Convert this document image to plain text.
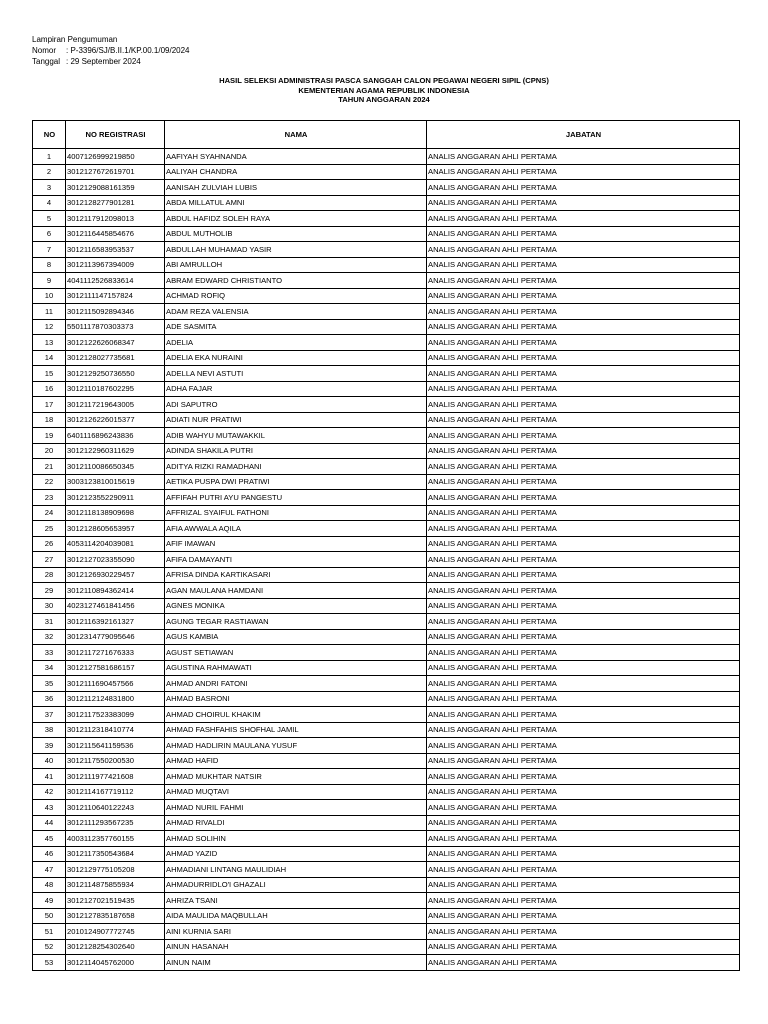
Lampiran Pengumuman
Nomor : P-3396/SJ/B.II.1/KP.00.1/09/2024
Tanggal : 29 September 2024
HASIL SELEKSI ADMINISTRASI PASCA SANGGAH CALON PEGAWAI NEGERI SIPIL (CPNS)
KEMENTERIAN AGAMA REPUBLIK INDONESIA
TAHUN ANGGARAN 2024
NO	NO REGISTRASI	NAMA	JABATAN
1	4007126999219850	AAFIYAH SYAHNANDA	ANALIS ANGGARAN AHLI PERTAMA
2	3012127672619701	AALIYAH CHANDRA	ANALIS ANGGARAN AHLI PERTAMA
3	3012129088161359	AANISAH ZULVIAH LUBIS	ANALIS ANGGARAN AHLI PERTAMA
4	3012128277901281	ABDA MILLATUL AMNI	ANALIS ANGGARAN AHLI PERTAMA
5	3012117912098013	ABDUL HAFIDZ SOLEH RAYA	ANALIS ANGGARAN AHLI PERTAMA
6	3012116445854676	ABDUL MUTHOLIB	ANALIS ANGGARAN AHLI PERTAMA
7	3012116583953537	ABDULLAH MUHAMAD YASIR	ANALIS ANGGARAN AHLI PERTAMA
8	3012113967394009	ABI AMRULLOH	ANALIS ANGGARAN AHLI PERTAMA
9	4041112526833614	ABRAM EDWARD CHRISTIANTO	ANALIS ANGGARAN AHLI PERTAMA
10	3012111147157824	ACHMAD ROFIQ	ANALIS ANGGARAN AHLI PERTAMA
11	3012115092894346	ADAM REZA VALENSIA	ANALIS ANGGARAN AHLI PERTAMA
12	5501117870303373	ADE SASMITA	ANALIS ANGGARAN AHLI PERTAMA
13	3012122626068347	ADELIA	ANALIS ANGGARAN AHLI PERTAMA
14	3012128027735681	ADELIA EKA NURAINI	ANALIS ANGGARAN AHLI PERTAMA
15	3012129250736550	ADELLA NEVI ASTUTI	ANALIS ANGGARAN AHLI PERTAMA
16	3012110187602295	ADHA FAJAR	ANALIS ANGGARAN AHLI PERTAMA
17	3012117219643005	ADI SAPUTRO	ANALIS ANGGARAN AHLI PERTAMA
18	3012126226015377	ADIATI NUR PRATIWI	ANALIS ANGGARAN AHLI PERTAMA
19	6401116896243836	ADIB WAHYU MUTAWAKKIL	ANALIS ANGGARAN AHLI PERTAMA
20	3012122960311629	ADINDA SHAKILA PUTRI	ANALIS ANGGARAN AHLI PERTAMA
21	3012110086650345	ADITYA RIZKI RAMADHANI	ANALIS ANGGARAN AHLI PERTAMA
22	3003123810015619	AETIKA PUSPA DWI PRATIWI	ANALIS ANGGARAN AHLI PERTAMA
23	3012123552290911	AFFIFAH PUTRI AYU PANGESTU	ANALIS ANGGARAN AHLI PERTAMA
24	3012118138909698	AFFRIZAL SYAIFUL FATHONI	ANALIS ANGGARAN AHLI PERTAMA
25	3012128605653957	AFIA AWWALA AQILA	ANALIS ANGGARAN AHLI PERTAMA
26	4053114204039081	AFIF IMAWAN	ANALIS ANGGARAN AHLI PERTAMA
27	3012127023355090	AFIFA DAMAYANTI	ANALIS ANGGARAN AHLI PERTAMA
28	3012126930229457	AFRISA DINDA KARTIKASARI	ANALIS ANGGARAN AHLI PERTAMA
29	3012110894362414	AGAN MAULANA HAMDANI	ANALIS ANGGARAN AHLI PERTAMA
30	4023127461841456	AGNES MONIKA	ANALIS ANGGARAN AHLI PERTAMA
31	3012116392161327	AGUNG TEGAR RASTIAWAN	ANALIS ANGGARAN AHLI PERTAMA
32	3012314779095646	AGUS KAMBIA	ANALIS ANGGARAN AHLI PERTAMA
33	3012117271676333	AGUST SETIAWAN	ANALIS ANGGARAN AHLI PERTAMA
34	3012127581686157	AGUSTINA RAHMAWATI	ANALIS ANGGARAN AHLI PERTAMA
35	3012111690457566	AHMAD ANDRI FATONI	ANALIS ANGGARAN AHLI PERTAMA
36	3012112124831800	AHMAD BASRONI	ANALIS ANGGARAN AHLI PERTAMA
37	3012117523383099	AHMAD CHOIRUL KHAKIM	ANALIS ANGGARAN AHLI PERTAMA
38	3012112318410774	AHMAD FASHFAHIS SHOFHAL JAMIL	ANALIS ANGGARAN AHLI PERTAMA
39	3012115641159536	AHMAD HADLIRIN MAULANA YUSUF	ANALIS ANGGARAN AHLI PERTAMA
40	3012117550200530	AHMAD HAFID	ANALIS ANGGARAN AHLI PERTAMA
41	3012111977421608	AHMAD MUKHTAR NATSIR	ANALIS ANGGARAN AHLI PERTAMA
42	3012114167719112	AHMAD MUQTAVI	ANALIS ANGGARAN AHLI PERTAMA
43	3012110640122243	AHMAD NURIL FAHMI	ANALIS ANGGARAN AHLI PERTAMA
44	3012111293567235	AHMAD RIVALDI	ANALIS ANGGARAN AHLI PERTAMA
45	4003112357760155	AHMAD SOLIHIN	ANALIS ANGGARAN AHLI PERTAMA
46	3012117350543684	AHMAD YAZID	ANALIS ANGGARAN AHLI PERTAMA
47	3012129775105208	AHMADIANI LINTANG MAULIDIAH	ANALIS ANGGARAN AHLI PERTAMA
48	3012114875855934	AHMADURRIDLO'I GHAZALI	ANALIS ANGGARAN AHLI PERTAMA
49	3012127021519435	AHRIZA TSANI	ANALIS ANGGARAN AHLI PERTAMA
50	3012127835187658	AIDA MAULIDA MAQBULLAH	ANALIS ANGGARAN AHLI PERTAMA
51	2010124907772745	AINI KURNIA SARI	ANALIS ANGGARAN AHLI PERTAMA
52	3012128254302640	AINUN HASANAH	ANALIS ANGGARAN AHLI PERTAMA
53	3012114045762000	AINUN NAIM	ANALIS ANGGARAN AHLI PERTAMA
